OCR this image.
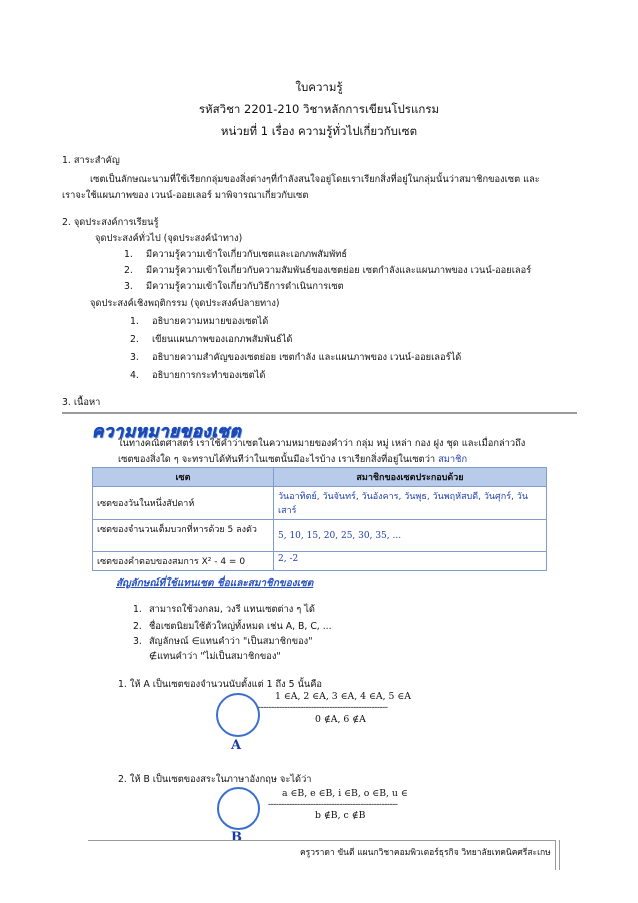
ใบความรู้
รหัสวิชา 2201-210 วิชาหลักการเขียนโปรแกรม
หน่วยที่ 1 เรื่อง ความรู้ทั่วไปเกี่ยวกับเซต
1. สาระสำคัญ
เซตเป็นลักษณะนามที่ใช้เรียกกลุ่มของสิ่งต่างๆที่กำลังสนใจอยู่โดยเราเรียกสิ่งที่อยู่ในกลุ่มนั้นว่าสมาชิกของเซต และ
เราจะใช้แผนภาพของ เวนน์-ออยเลอร์ มาพิจารณาเกี่ยวกับเซต
2. จุดประสงค์การเรียนรู้
จุดประสงค์ทั่วไป (จุดประสงค์นำทาง)
1. มีความรู้ความเข้าใจเกี่ยวกับเซตและเอกภพสัมพัทธ์
2. มีความรู้ความเข้าใจเกี่ยวกับความสัมพันธ์ของเซตย่อย เซตกำลังและแผนภาพของ เวนน์-ออยเลอร์
3. มีความรู้ความเข้าใจเกี่ยวกับวิธีการดำเนินการเซต
จุดประสงค์เชิงพฤติกรรม (จุดประสงค์ปลายทาง)
1. อธิบายความหมายของเซตได้
2. เขียนแผนภาพของเอกภพสัมพันธ์ได้
3. อธิบายความสำคัญของเซตย่อย เซตกำลัง และแผนภาพของ เวนน์-ออยเลอร์ได้
4. อธิบายการกระทำของเซตได้
3. เนื้อหา
ความหมายของเซต
ในทางคณิตศาสตร์ เราใช้คำว่าเซตในความหมายของคำว่า กลุ่ม หมู่ เหล่า กอง ฝูง ชุด และเมื่อกล่าวถึง
เซตของสิ่งใด ๆ จะทราบได้ทันทีว่าในเซตนั้นมีอะไรบ้าง เราเรียกสิ่งที่อยู่ในเซตว่า สมาชิก
เซต	สมาชิกของเซตประกอบด้วย
เซตของวันในหนึ่งสัปดาห์	วันอาทิตย์, วันจันทร์, วันอังคาร, วันพุธ, วันพฤหัสบดี, วันศุกร์, วันเสาร์
เซตของจำนวนเต็มบวกที่หารด้วย 5 ลงตัว	5, 10, 15, 20, 25, 30, 35, ...
เซตของคำตอบของสมการ X² - 4 = 0	2, -2
สัญลักษณ์ที่ใช้แทนเซต ชื่อและสมาชิกของเซต
1. สามารถใช้วงกลม, วงรี แทนเซตต่าง ๆ ได้
2. ชื่อเซตนิยมใช้ตัวใหญ่ทั้งหมด เช่น A, B, C, ...
3. สัญลักษณ์ ∈แทนคำว่า "เป็นสมาชิกของ"
∉แทนคำว่า "ไม่เป็นสมาชิกของ"
1. ให้ A เป็นเซตของจำนวนนับตั้งแต่ 1 ถึง 5 นั้นคือ
1 ∈A, 2 ∈A, 3 ∈A, 4 ∈A, 5 ∈A
-------------------------------------------------
0 ∉A, 6 ∉A
A
2. ให้ B เป็นเซตของสระในภาษาอังกฤษ จะได้ว่า
a ∈B, e ∈B, i ∈B, o ∈B, u ∈
-------------------------------------------------
b ∉B, c ∉B
B
ครูวราดา ขันตี แผนกวิชาคอมพิวเตอร์ธุรกิจ วิทยาลัยเทคนิคศรีสะเกษ
